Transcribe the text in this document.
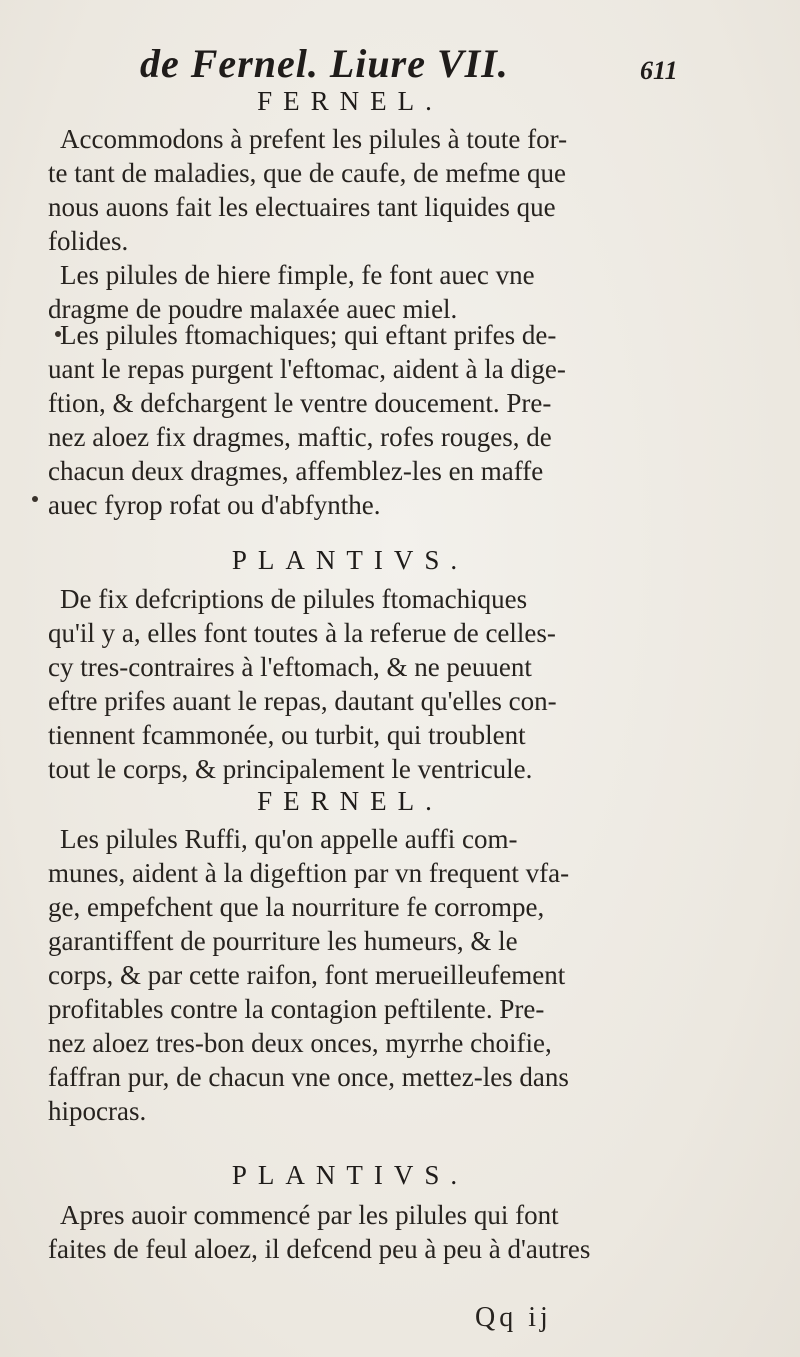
de Fernel. Liure VII.	611
FERNEL.
Accommodons à prefent les pilules à toute for-
te tant de maladies, que de caufe, de mefme que
nous auons fait les electuaires tant liquides que
folides.
Les pilules de hiere fimple, fe font auec vne
dragme de poudre malaxée auec miel.
Les pilules ftomachiques; qui eftant prifes de-
uant le repas purgent l'eftomac, aident à la dige-
ftion, & defchargent le ventre doucement. Pre-
nez aloez fix dragmes, maftic, rofes rouges, de
chacun deux dragmes, affemblez-les en maffe
auec fyrop rofat ou d'abfynthe.
PLANTIVS.
De fix defcriptions de pilules ftomachiques
qu'il y a, elles font toutes à la referue de celles-
cy tres-contraires à l'eftomach, & ne peuuent
eftre prifes auant le repas, dautant qu'elles con-
tiennent fcammonée, ou turbit, qui troublent
tout le corps, & principalement le ventricule.
FERNEL.
Les pilules Ruffi, qu'on appelle auffi com-
munes, aident à la digeftion par vn frequent vfa-
ge, empefchent que la nourriture fe corrompe,
garantiffent de pourriture les humeurs, & le
corps, & par cette raifon, font merueilleufement
profitables contre la contagion peftilente. Pre-
nez aloez tres-bon deux onces, myrrhe choifie,
faffran pur, de chacun vne once, mettez-les dans
hipocras.
PLANTIVS.
Apres auoir commencé par les pilules qui font
faites de feul aloez, il defcend peu à peu à d'autres
Qq ij
